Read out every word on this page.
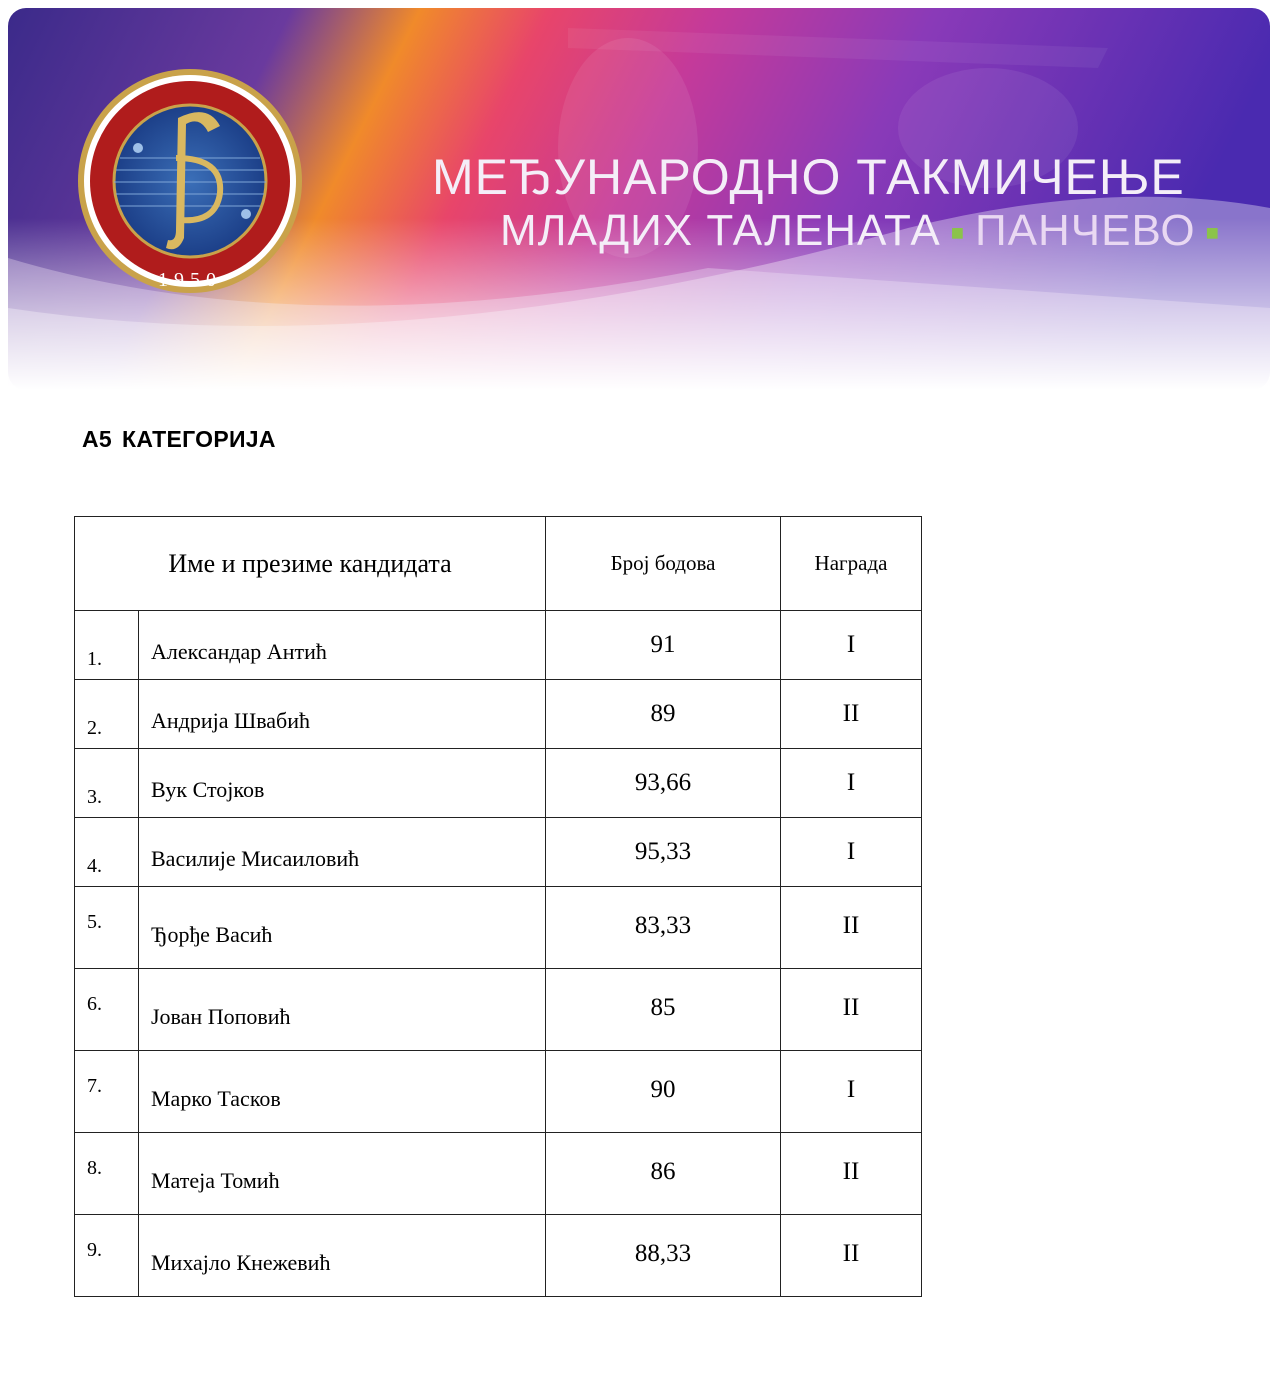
1950
МЕЂУНАРОДНО ТАКМИЧЕЊЕ
МЛАДИХ ТАЛЕНАТА ■ ПАНЧЕВО ■
А5 КАТЕГОРИЈА
Име и презиме кандидата		Број бодова	Награда
1.	Александар Антић	91	I
2.	Андрија Швабић	89	II
3.	Вук Стојков	93,66	I
4.	Василије Мисаиловић	95,33	I
5.	Ђорђе Васић	83,33	II
6.	Јован Поповић	85	II
7.	Марко Тасков	90	I
8.	Матеја Томић	86	II
9.	Михајло Кнежевић	88,33	II
